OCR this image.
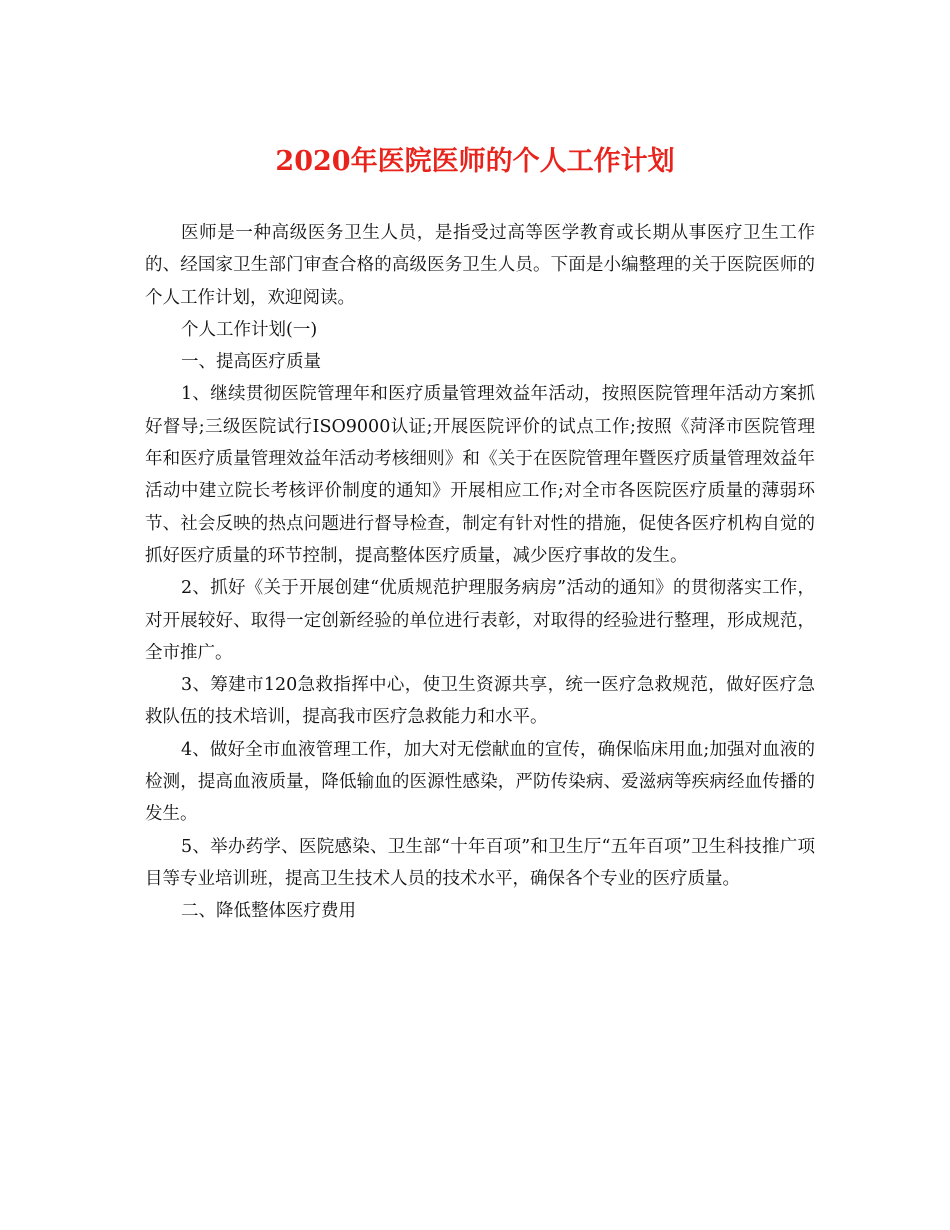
2020年医院医师的个人工作计划

医师是一种高级医务卫生人员，是指受过高等医学教育或长期从事医疗卫生工作的、经国家卫生部门审查合格的高级医务卫生人员。下面是小编整理的关于医院医师的个人工作计划，欢迎阅读。

个人工作计划(一)

一、提高医疗质量

1、继续贯彻医院管理年和医疗质量管理效益年活动，按照医院管理年活动方案抓好督导;三级医院试行ISO9000认证;开展医院评价的试点工作;按照《菏泽市医院管理年和医疗质量管理效益年活动考核细则》和《关于在医院管理年暨医疗质量管理效益年活动中建立院长考核评价制度的通知》开展相应工作;对全市各医院医疗质量的薄弱环节、社会反映的热点问题进行督导检查，制定有针对性的措施，促使各医疗机构自觉的抓好医疗质量的环节控制，提高整体医疗质量，减少医疗事故的发生。

2、抓好《关于开展创建“优质规范护理服务病房”活动的通知》的贯彻落实工作，对开展较好、取得一定创新经验的单位进行表彰，对取得的经验进行整理，形成规范，全市推广。

3、筹建市120急救指挥中心，使卫生资源共享，统一医疗急救规范，做好医疗急救队伍的技术培训，提高我市医疗急救能力和水平。

4、做好全市血液管理工作，加大对无偿献血的宣传，确保临床用血;加强对血液的检测，提高血液质量，降低输血的医源性感染，严防传染病、爱滋病等疾病经血传播的发生。

5、举办药学、医院感染、卫生部“十年百项”和卫生厅“五年百项”卫生科技推广项目等专业培训班，提高卫生技术人员的技术水平，确保各个专业的医疗质量。

二、降低整体医疗费用
